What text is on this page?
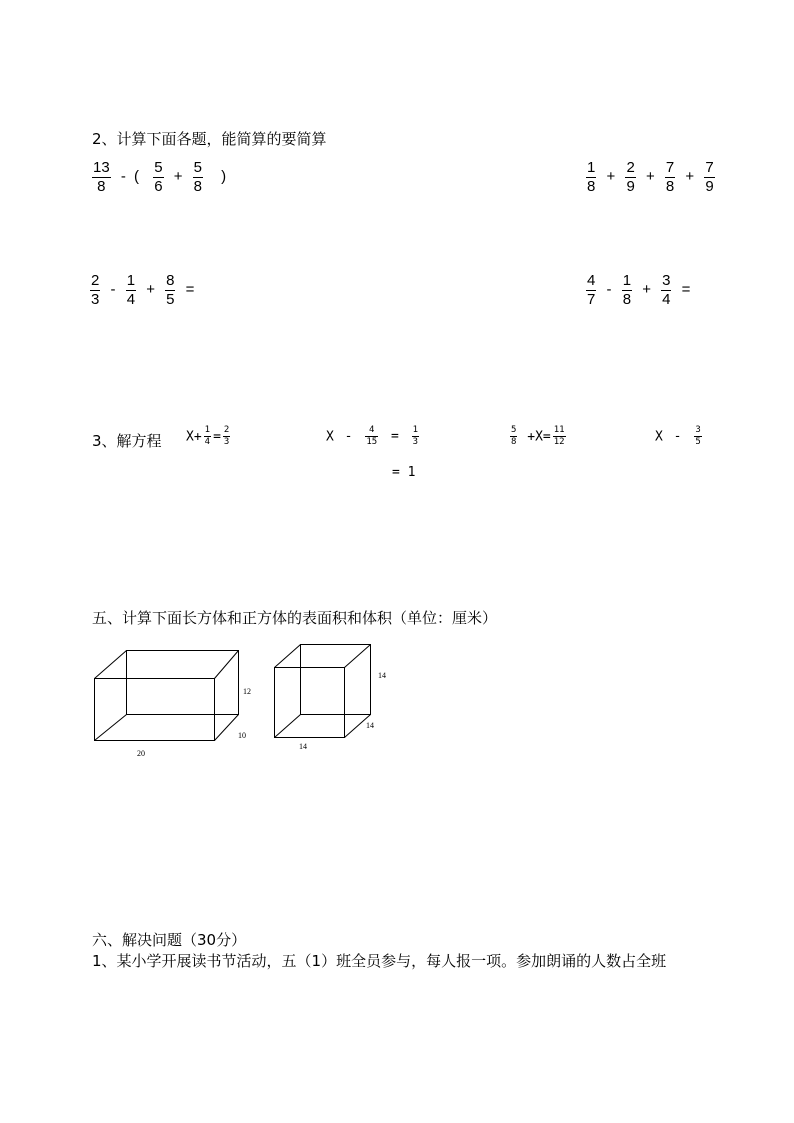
2、计算下面各题，能简算的要简算
$\frac{13}{8}$ - ( $\frac{5}{6} + \frac{5}{8}$ )	$\frac{1}{8} + \frac{2}{9} + \frac{7}{8} + \frac{7}{9}$
$\frac{2}{3} - \frac{1}{4} + \frac{8}{5}$ =	$\frac{4}{7} - \frac{1}{8} + \frac{3}{4}$ =
3、解方程 $X+ \frac{1}{4} = \frac{2}{3}$	$X - \frac{4}{15} = \frac{1}{3}$	$\frac{5}{8} +X= \frac{11}{12}$	X - $\frac{3}{5}$
= 1
五、计算下面长方体和正方体的表面积和体积（单位：厘米）
12
10
20
14
14
14
六、解决问题（30分）
1、某小学开展读书节活动，五（1）班全员参与，每人报一项。参加朗诵的人数占全班
